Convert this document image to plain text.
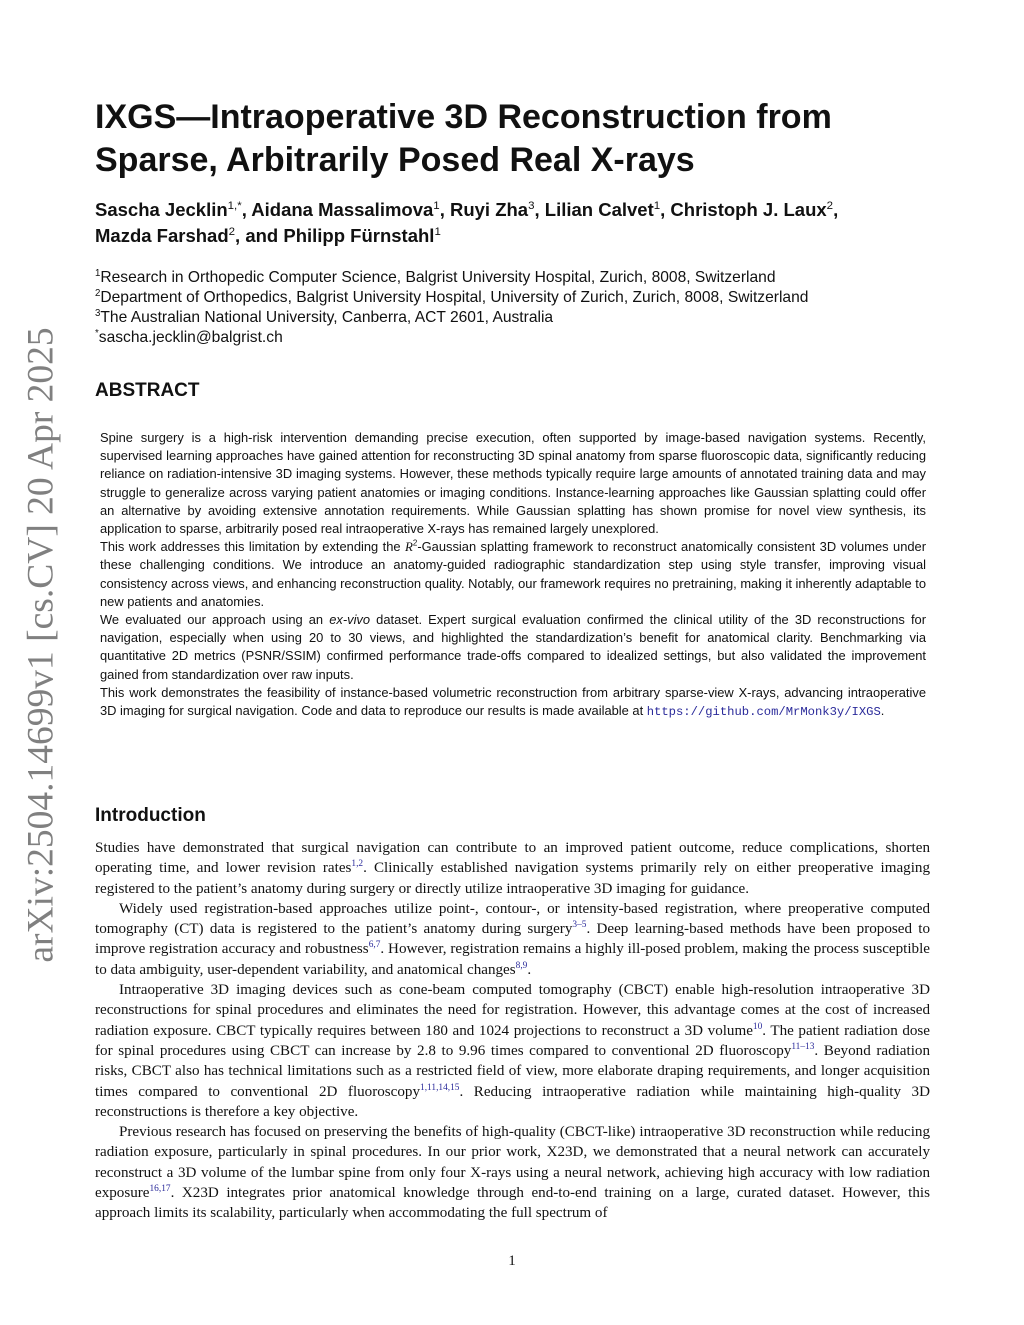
arXiv:2504.14699v1 [cs.CV] 20 Apr 2025
IXGS—Intraoperative 3D Reconstruction from Sparse, Arbitrarily Posed Real X-rays
Sascha Jecklin$^{1,*}$, Aidana Massalimova$^1$, Ruyi Zha$^3$, Lilian Calvet$^1$, Christoph J. Laux$^2$,
Mazda Farshad$^2$, and Philipp Fürnstahl$^1$
$^1$Research in Orthopedic Computer Science, Balgrist University Hospital, Zurich, 8008, Switzerland
$^2$Department of Orthopedics, Balgrist University Hospital, University of Zurich, Zurich, 8008, Switzerland
$^3$The Australian National University, Canberra, ACT 2601, Australia
*sascha.jecklin@balgrist.ch
ABSTRACT

Spine surgery is a high-risk intervention demanding precise execution, often supported by image-based navigation systems. Recently, supervised learning approaches have gained attention for reconstructing 3D spinal anatomy from sparse fluoroscopic data, significantly reducing reliance on radiation-intensive 3D imaging systems. However, these methods typically require large amounts of annotated training data and may struggle to generalize across varying patient anatomies or imaging conditions. Instance-learning approaches like Gaussian splatting could offer an alternative by avoiding extensive annotation requirements. While Gaussian splatting has shown promise for novel view synthesis, its application to sparse, arbitrarily posed real intraoperative X-rays has remained largely unexplored.

This work addresses this limitation by extending the $R^2$-Gaussian splatting framework to reconstruct anatomically consistent 3D volumes under these challenging conditions. We introduce an anatomy-guided radiographic standardization step using style transfer, improving visual consistency across views, and enhancing reconstruction quality. Notably, our framework requires no pretraining, making it inherently adaptable to new patients and anatomies.

We evaluated our approach using an ex-vivo dataset. Expert surgical evaluation confirmed the clinical utility of the 3D reconstructions for navigation, especially when using 20 to 30 views, and highlighted the standardization’s benefit for anatomical clarity. Benchmarking via quantitative 2D metrics (PSNR/SSIM) confirmed performance trade-offs compared to idealized settings, but also validated the improvement gained from standardization over raw inputs.

This work demonstrates the feasibility of instance-based volumetric reconstruction from arbitrary sparse-view X-rays, advancing intraoperative 3D imaging for surgical navigation. Code and data to reproduce our results is made available at https://github.com/MrMonk3y/IXGS.

Introduction

Studies have demonstrated that surgical navigation can contribute to an improved patient outcome, reduce complications, shorten operating time, and lower revision rates$^{1,2}$. Clinically established navigation systems primarily rely on either preoperative imaging registered to the patient’s anatomy during surgery or directly utilize intraoperative 3D imaging for guidance.

Widely used registration-based approaches utilize point-, contour-, or intensity-based registration, where preoperative computed tomography (CT) data is registered to the patient’s anatomy during surgery$^{3-5}$. Deep learning-based methods have been proposed to improve registration accuracy and robustness$^{6,7}$. However, registration remains a highly ill-posed problem, making the process susceptible to data ambiguity, user-dependent variability, and anatomical changes$^{8,9}$.

Intraoperative 3D imaging devices such as cone-beam computed tomography (CBCT) enable high-resolution intraoperative 3D reconstructions for spinal procedures and eliminates the need for registration. However, this advantage comes at the cost of increased radiation exposure. CBCT typically requires between 180 and 1024 projections to reconstruct a 3D volume$^{10}$. The patient radiation dose for spinal procedures using CBCT can increase by 2.8 to 9.96 times compared to conventional 2D fluoroscopy$^{11-13}$. Beyond radiation risks, CBCT also has technical limitations such as a restricted field of view, more elaborate draping requirements, and longer acquisition times compared to conventional 2D fluoroscopy$^{1,11,14,15}$. Reducing intraoperative radiation while maintaining high-quality 3D reconstructions is therefore a key objective.

Previous research has focused on preserving the benefits of high-quality (CBCT-like) intraoperative 3D reconstruction while reducing radiation exposure, particularly in spinal procedures. In our prior work, X23D, we demonstrated that a neural network can accurately reconstruct a 3D volume of the lumbar spine from only four X-rays using a neural network, achieving high accuracy with low radiation exposure$^{16,17}$. X23D integrates prior anatomical knowledge through end-to-end training on a large, curated dataset. However, this approach limits its scalability, particularly when accommodating the full spectrum of

1
